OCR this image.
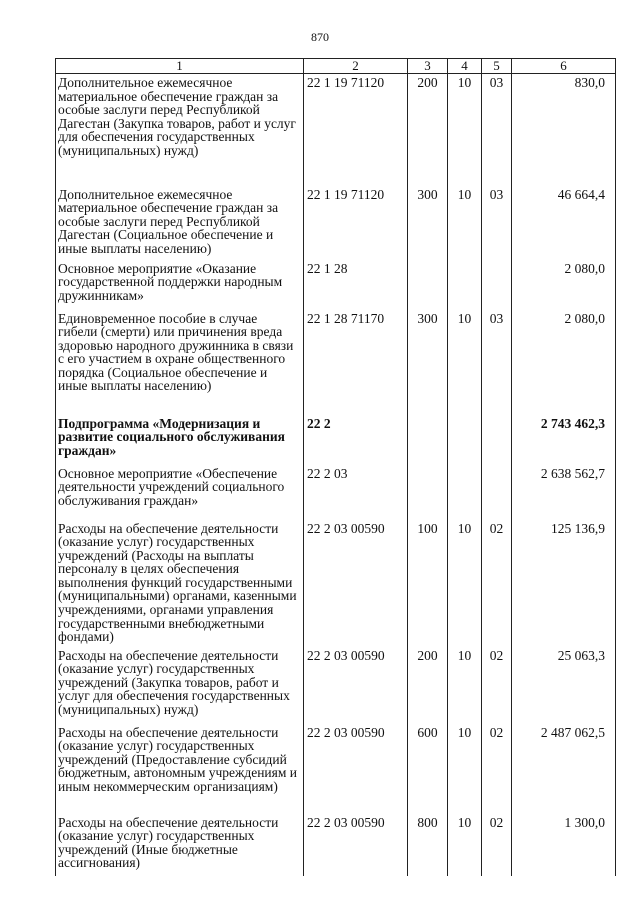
870
1	2	3	4	5	6
Дополнительное ежемесячное материальное обеспечение граждан за особые заслуги перед Республикой Дагестан (Закупка товаров, работ и услуг для обеспечения государственных (муниципальных) нужд)	22 1 19 71120	200	10	03	830,0
Дополнительное ежемесячное материальное обеспечение граждан за особые заслуги перед Республикой Дагестан (Социальное обеспечение и иные выплаты населению)	22 1 19 71120	300	10	03	46 664,4
Основное мероприятие «Оказание государственной поддержки народным дружинникам»	22 1 28				2 080,0
Единовременное пособие в случае гибели (смерти) или причинения вреда здоровью народного дружинника в связи с его участием в охране общественного порядка (Социальное обеспечение и иные выплаты населению)	22 1 28 71170	300	10	03	2 080,0
Подпрограмма «Модернизация и развитие социального обслуживания граждан»	22 2				2 743 462,3
Основное мероприятие «Обеспечение деятельности учреждений социального обслуживания граждан»	22 2 03				2 638 562,7
Расходы на обеспечение деятельности (оказание услуг) государственных учреждений (Расходы на выплаты персоналу в целях обеспечения выполнения функций государственными (муниципальными) органами, казенными учреждениями, органами управления государственными внебюджетными фондами)	22 2 03 00590	100	10	02	125 136,9
Расходы на обеспечение деятельности (оказание услуг) государственных учреждений (Закупка товаров, работ и услуг для обеспечения государственных (муниципальных) нужд)	22 2 03 00590	200	10	02	25 063,3
Расходы на обеспечение деятельности (оказание услуг) государственных учреждений (Предоставление субсидий бюджетным, автономным учреждениям и иным некоммерческим организациям)	22 2 03 00590	600	10	02	2 487 062,5
Расходы на обеспечение деятельности (оказание услуг) государственных учреждений (Иные бюджетные ассигнования)	22 2 03 00590	800	10	02	1 300,0
